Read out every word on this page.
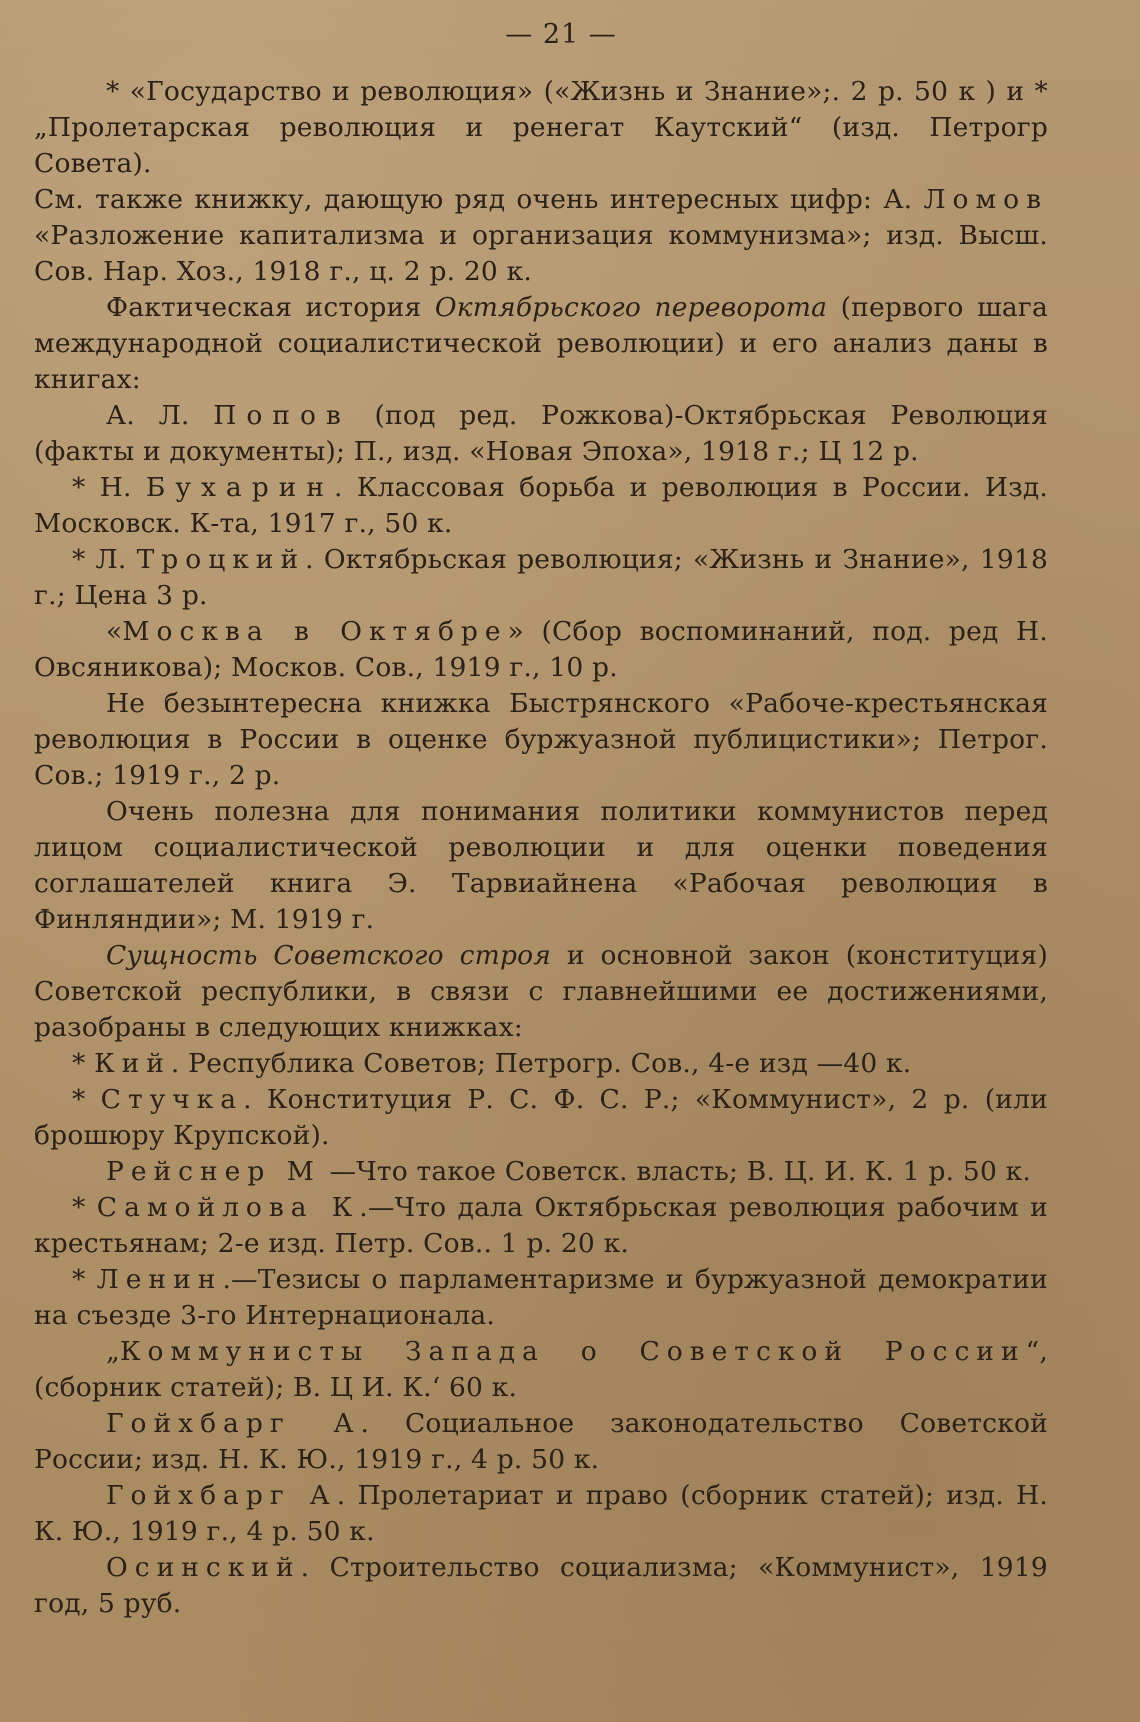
— 21 —

* «Государство и революция» («Жизнь и Знание»;. 2 р. 50 к ) и * „Пролетарская революция и ренегат Каутский“ (изд. Петрогр Совета).

См. также книжку, дающую ряд очень интересных цифр: А. Ломов «Разложение капитализма и организация коммунизма»; изд. Высш. Сов. Нар. Хоз., 1918 г., ц. 2 р. 20 к.

Фактическая история Октябрьского переворота (первого шага международной социалистической революции) и его анализ даны в книгах:

А. Л. Попов (под ред. Рожкова)-Октябрьская Революция (факты и документы); П., изд. «Новая Эпоха», 1918 г.; Ц 12 р.

* Н. Бухарин. Классовая борьба и революция в России. Изд. Московск. К-та, 1917 г., 50 к.

* Л. Троцкий. Октябрьская революция; «Жизнь и Знание», 1918 г.; Цена 3 р.

«Москва в Октябре» (Сбор воспоминаний, под. ред Н. Овсяникова); Москов. Сов., 1919 г., 10 р.

Не безынтересна книжка Быстрянского «Рабоче-крестьянская революция в России в оценке буржуазной публицистики»; Петрог. Сов.; 1919 г., 2 р.

Очень полезна для понимания политики коммунистов перед лицом социалистической революции и для оценки поведения соглашателей книга Э. Тарвиайнена «Рабочая революция в Финляндии»; М. 1919 г.

Сущность Советского строя и основной закон (конституция) Советской республики, в связи с главнейшими ее достижениями, разобраны в следующих книжках:

* Кий. Республика Советов; Петрогр. Сов., 4-е изд —40 к.

* Стучка. Конституция Р. С. Ф. С. Р.; «Коммунист», 2 р. (или брошюру Крупской).

Рейснер М —Что такое Советск. власть; В. Ц. И. К. 1 р. 50 к.

* Самойлова К.—Что дала Октябрьская революция рабочим и крестьянам; 2-е изд. Петр. Сов.. 1 р. 20 к.

* Ленин.—Тезисы о парламентаризме и буржуазной демократии на съезде 3-го Интернационала.

„Коммунисты Запада о Советской России“, (сборник статей); В. Ц И. К.‘ 60 к.

Гойхбарг А. Социальное законодательство Советской России; изд. Н. К. Ю., 1919 г., 4 р. 50 к.

Гойхбарг А. Пролетариат и право (сборник статей); изд. Н. К. Ю., 1919 г., 4 р. 50 к.

Осинский. Строительство социализма; «Коммунист», 1919 год, 5 руб.
